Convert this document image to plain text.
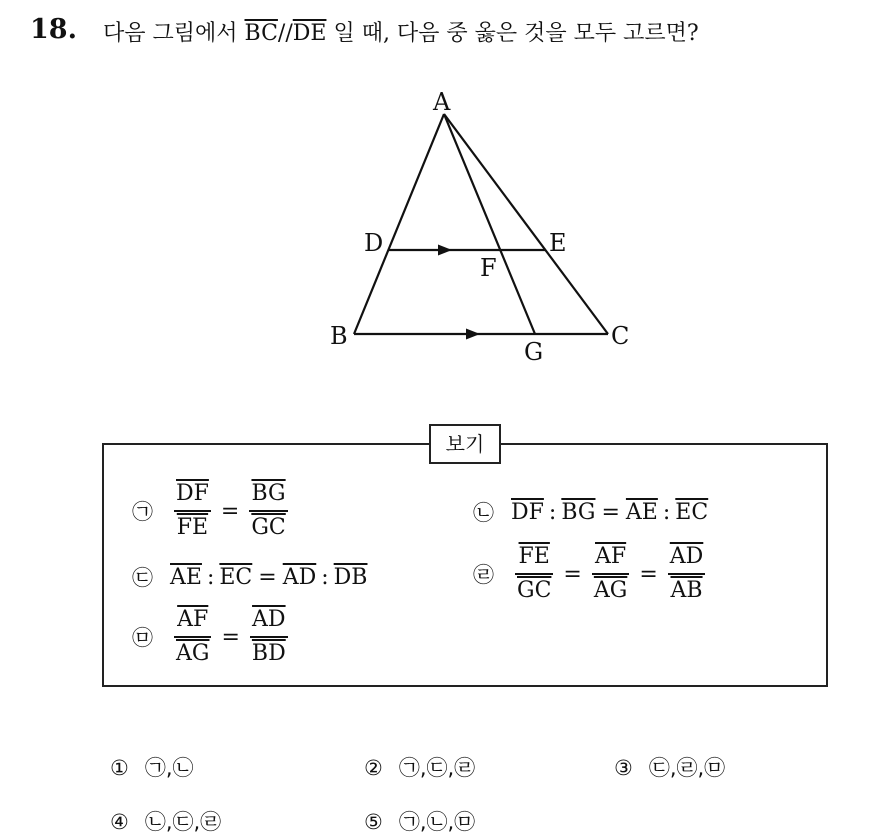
18. 다음 그림에서 $\overline{BC}//\overline{DE}$ 일 때, 다음 중 옳은 것을 모두 고르면?
A
B	C
D	E
F
G
보기
㉠ $\frac{\overline{DF}}{FE} = \frac{\overline{BG}}{GC}$	㉡ $\overline{DF}$ : $\overline{BG} = \overline{AE}$ : $\overline{EC}$
㉢ $\overline{AE}$ : $\overline{EC} = \overline{AD}$ : $\overline{DB}$	㉣ $\frac{\overline{FE}}{GC} = \frac{\overline{AF}}{AG} = \frac{\overline{AD}}{AB}$
㉤ $\frac{\overline{AF}}{AG} = \frac{\overline{AD}}{BD}$
① ㉠,㉡	② ㉠,㉢,㉣	③ ㉢,㉣,㉤
④ ㉡,㉢,㉣	⑤ ㉠,㉡,㉤
